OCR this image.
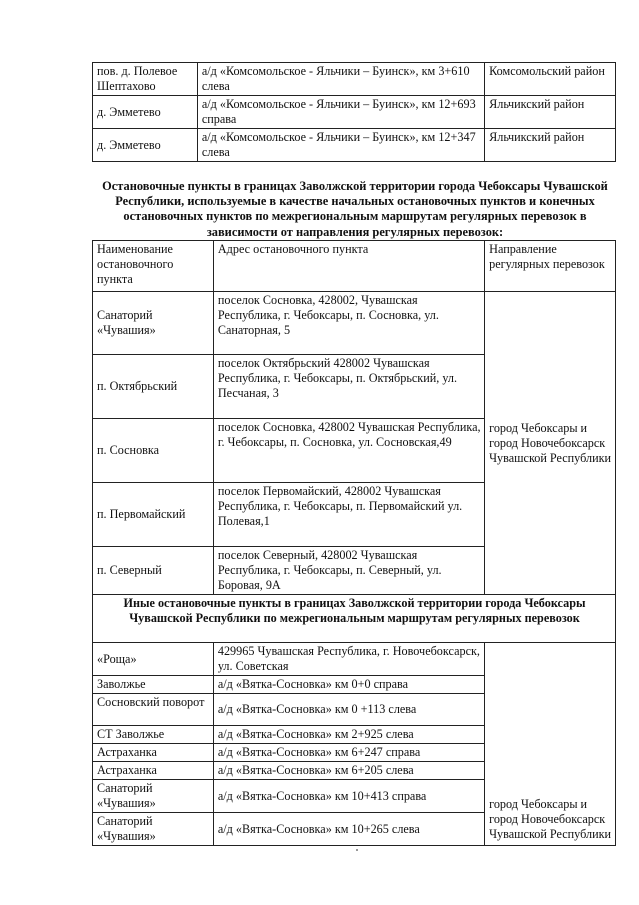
пов. д. Полевое Шептахово	а/д «Комсомольское - Яльчики – Буинск», км 3+610 слева	Комсомольский район
д. Эмметево	а/д «Комсомольское - Яльчики – Буинск», км 12+693 справа	Яльчикский район
д. Эмметево	а/д «Комсомольское - Яльчики – Буинск», км 12+347 слева	Яльчикский район
Остановочные пункты в границах Заволжской территории города Чебоксары Чувашской Республики, используемые в качестве начальных остановочных пунктов и конечных остановочных пунктов по межрегиональным маршрутам регулярных перевозок в зависимости от направления регулярных перевозок:
Наименование остановочного пункта	Адрес остановочного пункта	Направление регулярных перевозок
Санаторий «Чувашия»	поселок Сосновка, 428002, Чувашская Республика, г. Чебоксары, п. Сосновка, ул. Санаторная, 5	город Чебоксары и город Новочебоксарск Чувашской Республики
п. Октябрьский	поселок Октябрьский 428002 Чувашская Республика, г. Чебоксары, п. Октябрьский, ул. Песчаная, 3	
п. Сосновка	поселок Сосновка, 428002 Чувашская Республика, г. Чебоксары, п. Сосновка, ул. Сосновская,49	
п. Первомайский	поселок Первомайский, 428002 Чувашская Республика, г. Чебоксары, п. Первомайский ул. Полевая,1	
п. Северный	поселок Северный, 428002 Чувашская Республика, г. Чебоксары, п. Северный, ул. Боровая, 9А	
Иные остановочные пункты в границах Заволжской территории города Чебоксары Чувашской Республики по межрегиональным маршрутам регулярных перевозок		
«Роща»	429965 Чувашская Республика, г. Новочебоксарск, ул. Советская	город Чебоксары и город Новочебоксарск Чувашской Республики
Заволжье	а/д «Вятка-Сосновка» км 0+0 справа	
Сосновский поворот	а/д «Вятка-Сосновка» км 0 +113 слева	
СТ Заволжье	а/д «Вятка-Сосновка» км 2+925 слева	
Астраханка	а/д «Вятка-Сосновка» км 6+247 справа	
Астраханка	а/д «Вятка-Сосновка» км 6+205 слева	
Санаторий «Чувашия»	а/д «Вятка-Сосновка» км 10+413 справа	
Санаторий «Чувашия»	а/д «Вятка-Сосновка» км 10+265 слева	
